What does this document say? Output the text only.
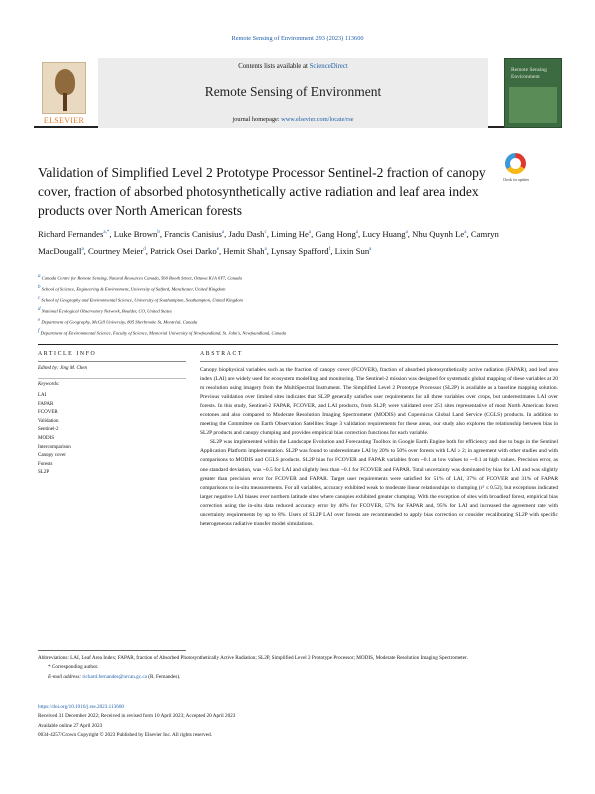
Remote Sensing of Environment 293 (2023) 113600
ELSEVIER
Contents lists available at ScienceDirect
Remote Sensing of Environment
journal homepage: www.elsevier.com/locate/rse
Remote Sensing Environment
Validation of Simplified Level 2 Prototype Processor Sentinel-2 fraction of canopy cover, fraction of absorbed photosynthetically active radiation and leaf area index products over North American forests
Check for updates
Richard Fernandes$^{a,*}$, Luke Brown$^b$, Francis Canisius$^a$, Jadu Dash$^c$, Liming He$^a$, Gang Hong$^a$, Lucy Huang$^a$, Nhu Quynh Le$^a$, Camryn MacDougall$^a$, Courtney Meier$^d$, Patrick Osei Darko$^e$, Hemit Shah$^a$, Lynsay Spafford$^f$, Lixin Sun$^a$
$^a$ Canada Centre for Remote Sensing, Natural Resources Canada, 560 Booth Street, Ottawa K1A 0Y7, Canada
$^b$ School of Science, Engineering & Environment, University of Salford, Manchester, United Kingdom
$^c$ School of Geography and Environmental Science, University of Southampton, Southampton, United Kingdom
$^d$ National Ecological Observatory Network, Boulder, CO, United States
$^e$ Department of Geography, McGill University, 805 Sherbrooke St, Montréal, Canada
$^f$ Department of Environmental Science, Faculty of Science, Memorial University of Newfoundland, St. John's, Newfoundland, Canada
ARTICLE INFO	ABSTRACT
Edited by: Jing M. Chen
Keywords:
LAI
FAPAR
FCOVER
Validation
Sentinel-2
MODIS
Intercomparison
Canopy cover
Forests
SL2P

Canopy biophysical variables such as the fraction of canopy cover (FCOVER), fraction of absorbed photosynthetically active radiation (FAPAR), and leaf area index (LAI) are widely used for ecosystem modelling and monitoring. The Sentinel-2 mission was designed for systematic global mapping of these variables at 20 m resolution using imagery from the MultiSpectral Instrument. The Simplified Level 2 Prototype Processor (SL2P) is available as a baseline mapping solution. Previous validation over limited sites indicates that SL2P generally satisfies user requirements for all three variables over crops, but underestimates LAI over forests. In this study, Sentinel-2 FAPAR, FCOVER, and LAI products, from SL2P, were validated over 251 sites representative of most North American forest ecotones and also compared to Moderate Resolution Imaging Spectrometer (MODIS) and Copernicus Global Land Service (CGLS) products. In addition to meeting the Committee on Earth Observation Satellites Stage 3 validation requirements for these areas, our study also explores the relationship between bias in SL2P products and canopy clumping and provides empirical bias correction functions for each variable.

SL2P was implemented within the Landscape Evolution and Forecasting Toolbox in Google Earth Engine both for efficiency and due to bugs in the Sentinel Application Platform implementation. SL2P was found to underestimate LAI by 20% to 50% over forests with LAI ≥ 2; in agreement with other studies and with comparisons to MODIS and CGLS products. SL2P bias for FCOVER and FAPAR variables from ~0.1 at low values to ~-0.1 at high values. Precision error, as one standard deviation, was ~0.5 for LAI and slightly less than ~0.1 for FCOVER and FAPAR. Total uncertainty was dominated by bias for LAI and was slightly greater than precision error for FCOVER and FAPAR. Target user requirements were satisfied for 51% of LAI, 37% of FCOVER and 31% of FAPAR comparisons to in-situ measurements. For all variables, accuracy exhibited weak to moderate linear relationships to clumping (r² ≤ 0.52), but exceptions indicated larger negative LAI biases over northern latitude sites where canopies exhibited greater clumping. With the exception of sites with broadleaf forest, empirical bias correction using the in-situ data reduced accuracy error by 40% for FCOVER, 57% for FAPAR and, 95% for LAI and increased the agreement rate with uncertainty requirements by up to 8%. Users of SL2P LAI over forests are recommended to apply bias correction or consider recalibrating SL2P with specific heterogeneous radiative transfer model simulations.

Abbreviations: LAI, Leaf Area Index; FAPAR, fraction of Absorbed Photosynthetically Active Radiation; SL2P, Simplified Level 2 Prototype Processor; MODIS, Moderate Resolution Imaging Spectrometer.
* Corresponding author.
E-mail address: richard.fernandes@nrcan.gc.ca (R. Fernandes).
https://doi.org/10.1016/j.rse.2023.113600
Received 31 December 2022; Received in revised form 10 April 2023; Accepted 20 April 2023
Available online 27 April 2023
0034-4257/Crown Copyright © 2023 Published by Elsevier Inc. All rights reserved.
